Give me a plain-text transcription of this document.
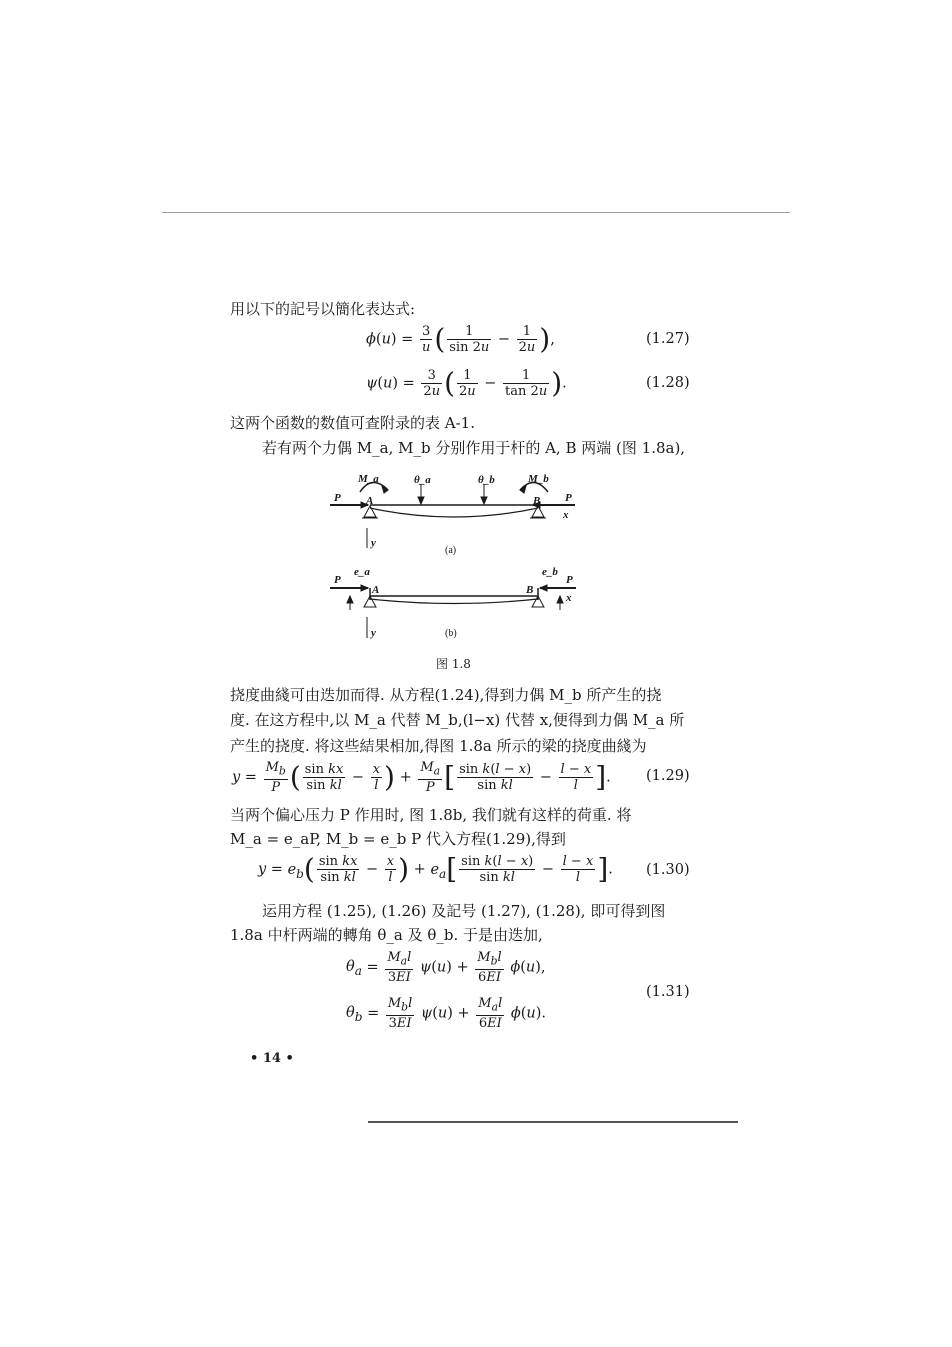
用以下的記号以簡化表达式:
$\phi(u) = \frac{3}{u}$ ( $\frac{1}{\sin 2u} - \frac{1}{2u}$ ),	(1.27)
$\psi(u) = \frac{3}{2u}$ ( $\frac{1}{2u} - \frac{1}{\tan 2u}$ ).	(1.28)
这两个函数的数值可查附录的表 A-1.
若有两个力偶 M_a, M_b 分别作用于杆的 A, B 两端 (图 1.8a),
P	P
A	B
M_a	M_b
θ_a	θ_b
x
y
(a)
P	P
A	B
e_a	e_b
x
y	(b)
图 1.8
挠度曲綫可由迭加而得. 从方程(1.24),得到力偶 M_b 所产生的挠
度. 在这方程中,以 M_a 代替 M_b,(l−x) 代替 x,便得到力偶 M_a 所
产生的挠度. 将这些結果相加,得图 1.8a 所示的梁的挠度曲綫为
$y = \frac{M_b}{P}$ ( $\frac{\text{sin kx}}{\text{sin kl}} - \frac{x}{l}$ ) + $\frac{M_a}{P}$ [ $\frac{\text{sin k(l − x)}}{\text{sin kl}} - \frac{l - x}{l}$ ]. (1.29)
当两个偏心压力 P 作用时, 图 1.8b, 我们就有这样的荷重. 将
M_a = e_aP, M_b = e_b P 代入方程(1.29),得到
$y = e_b( \frac{\text{sin kx}}{\text{sin kl}} - \frac{x}{l}$ ) + $e_a[ \frac{\text{sin k(l − x)}}{\text{sin kl}} - \frac{l - x}{l}$ ]. (1.30)
运用方程 (1.25), (1.26) 及記号 (1.27), (1.28), 即可得到图
1.8a 中杆两端的轉角 θ_a 及 θ_b. 于是由迭加,
$\theta_a = \frac{M_al}{3EI} \psi(u) + \frac{M_bl}{6EI} \phi(u)$,
$\theta_b = \frac{M_bl}{3EI} \psi(u) + \frac{M_al}{6EI} \phi(u)$.
(1.31)
• 14 •
